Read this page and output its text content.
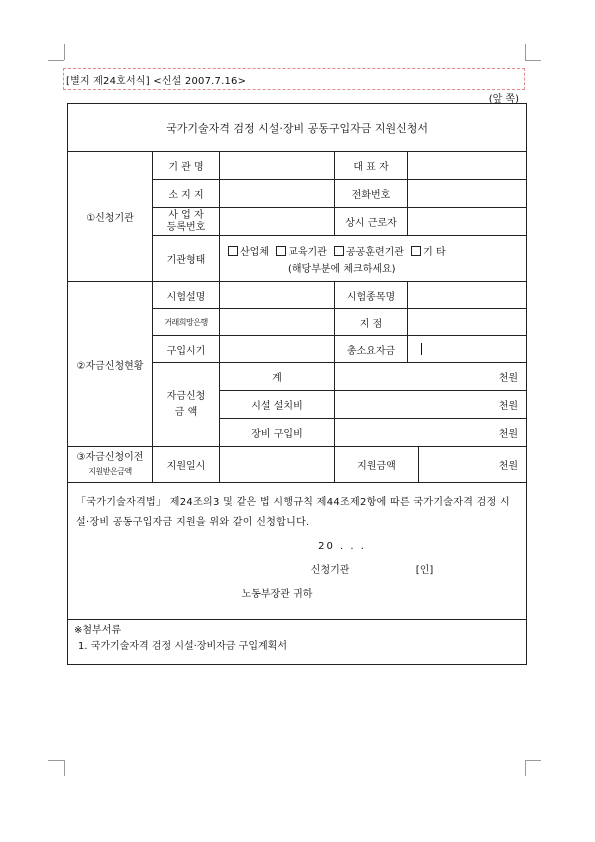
[별지 제24호서식] <신설 2007.7.16>
(앞 쪽)
국가기술자격 검정 시설·장비 공동구입자금 지원신청서					
①신청기관	기 관 명		대 표 자		
	소 지 지		전화번호		

	사 업 자
등록번호		상시 근로자		
	기관형태	산업체 교육기관 공공훈련기관 기 타
(해당부분에 체크하세요)			

②자금신청현황	시험설명		시험종목명		
	거래희망은행		지 점		
	구입시기		총소요자금		

	자금신청
금 액	계	천원		
		시설 설치비	천원		
		장비 구입비	천원		

③자금신청이전
지원받은금액	지원일시		지원금액		천원

「국가기술자격법」 제24조의3 및 같은 법 시행규칙 제44조제2항에 따른 국가기술자격 검정 시설·장비 공동구입자금 지원을 위와 같이 신청합니다.
20 . . .
신청기관 [인]
노동부장관 귀하					

※첨부서류
1. 국가기술자격 검정 시설·장비자금 구입계획서					
